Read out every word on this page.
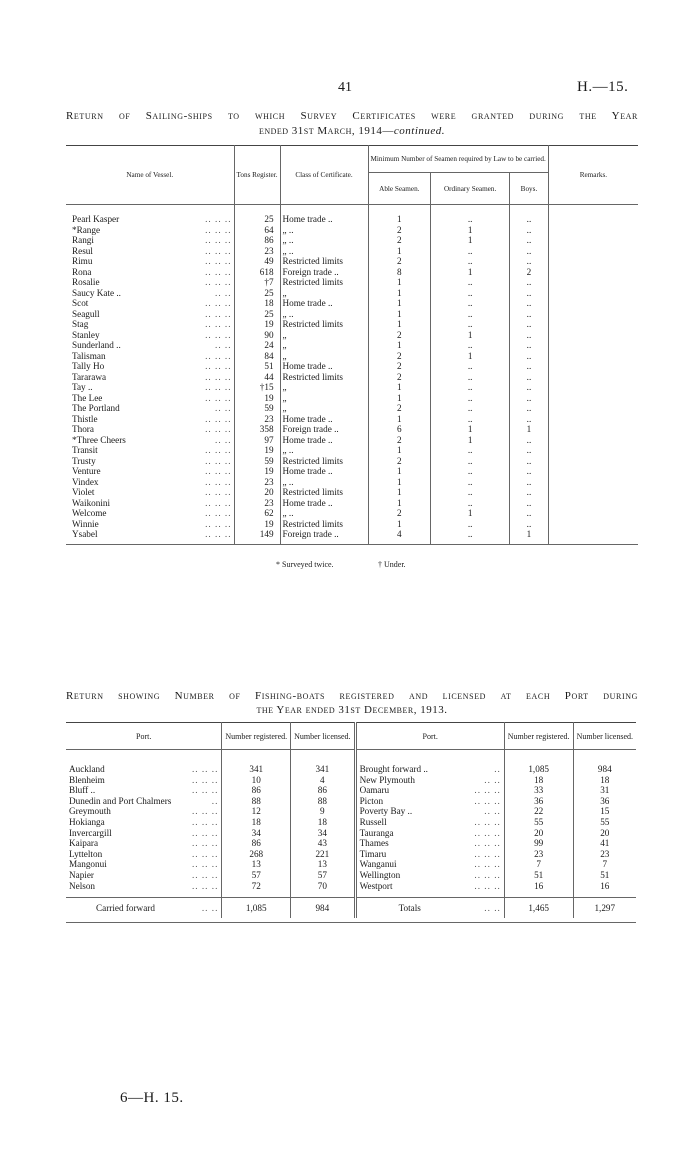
41	H.—15.
Return of Sailing-ships to which Survey Certificates were granted during the Year
ended 31st March, 1914—continued.
Name of Vessel.	Tons Register.	Class of Certificate.	Minimum Number of Seamen required by Law to be carried.			Remarks.
			Able Seamen.	Ordinary Seamen.	Boys.	

Pearl Kasper .. .. ..	25	Home trade ..	1	..	..	
*Range .. .. ..	64	„ ..	2	1	..	
Rangi .. .. ..	86	„ ..	2	1	..	
Resul .. .. ..	23	„ ..	1	..	..	
Rimu .. .. ..	49	Restricted limits	2	..	..	
Rona .. .. ..	618	Foreign trade ..	8	1	2	
Rosalie .. .. ..	†7	Restricted limits	1	..	..	
Saucy Kate .. .. ..	25	„	1	..	..	
Scot .. .. ..	18	Home trade ..	1	..	..	
Seagull .. .. ..	25	„ ..	1	..	..	
Stag .. .. ..	19	Restricted limits	1	..	..	
Stanley .. .. ..	90	„	2	1	..	
Sunderland .. .. ..	24	„	1	..	..	
Talisman .. .. ..	84	„	2	1	..	
Tally Ho .. .. ..	51	Home trade ..	2	..	..	
Tararawa .. .. ..	44	Restricted limits	2	..	..	
Tay .. .. .. ..	†15	„	1	..	..	
The Lee .. .. ..	19	„	1	..	..	
The Portland .. ..	59	„	2	..	..	
Thistle .. .. ..	23	Home trade ..	1	..	..	
Thora .. .. ..	358	Foreign trade ..	6	1	1	
*Three Cheers .. ..	97	Home trade ..	2	1	..	
Transit .. .. ..	19	„ ..	1	..	..	
Trusty .. .. ..	59	Restricted limits	2	..	..	
Venture .. .. ..	19	Home trade ..	1	..	..	
Vindex .. .. ..	23	„ ..	1	..	..	
Violet .. .. ..	20	Restricted limits	1	..	..	
Waikonini .. .. ..	23	Home trade ..	1	..	..	
Welcome .. .. ..	62	„ ..	2	1	..	
Winnie .. .. ..	19	Restricted limits	1	..	..	
Ysabel .. .. ..	149	Foreign trade ..	4	..	1	

* Surveyed twice.	† Under.
Return showing Number of Fishing-boats registered and licensed at each Port during
the Year ended 31st December, 1913.
Port.	Number registered.	Number licensed.	Port.	Number registered.	Number licensed.

Auckland .. .. ..	341	341	Brought forward .. ..	1,085	984
Blenheim .. .. ..	10	4	New Plymouth .. ..	18	18
Bluff .. .. .. ..	86	86	Oamaru .. .. ..	33	31
Dunedin and Port Chalmers ..	88	88	Picton .. .. ..	36	36
Greymouth .. .. ..	12	9	Poverty Bay .. .. ..	22	15
Hokianga .. .. ..	18	18	Russell .. .. ..	55	55
Invercargill .. .. ..	34	34	Tauranga .. .. ..	20	20
Kaipara .. .. ..	86	43	Thames .. .. ..	99	41
Lyttelton .. .. ..	268	221	Timaru .. .. ..	23	23
Mangonui .. .. ..	13	13	Wanganui .. .. ..	7	7
Napier .. .. ..	57	57	Wellington .. .. ..	51	51
Nelson .. .. ..	72	70	Westport .. .. ..	16	16

Carried forward .. ..	1,085	984	Totals .. ..	1,465	1,297

6—H. 15.
